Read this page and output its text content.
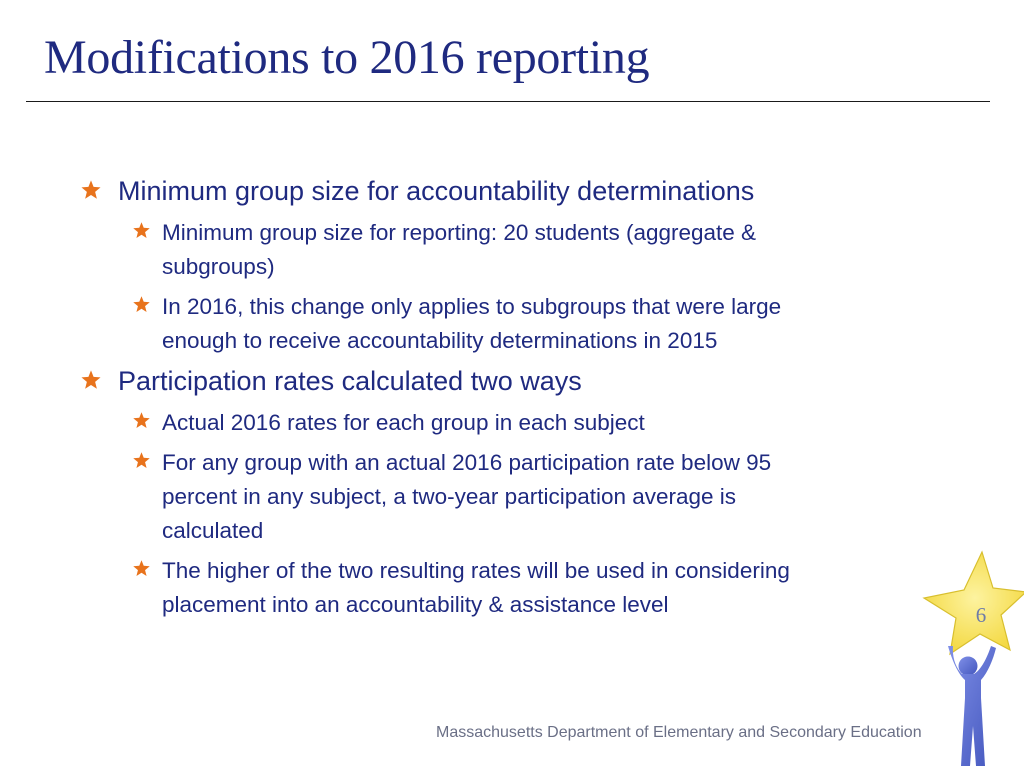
Modifications to 2016 reporting
Minimum group size for accountability determinations
Minimum group size for reporting: 20 students (aggregate &
subgroups)
In 2016, this change only applies to subgroups that were large
enough to receive accountability determinations in 2015
Participation rates calculated two ways
Actual 2016 rates for each group in each subject
For any group with an actual 2016 participation rate below 95
percent in any subject, a two-year participation average is
calculated
The higher of the two resulting rates will be used in considering
placement into an accountability & assistance level
Massachusetts Department of Elementary and Secondary Education
6
